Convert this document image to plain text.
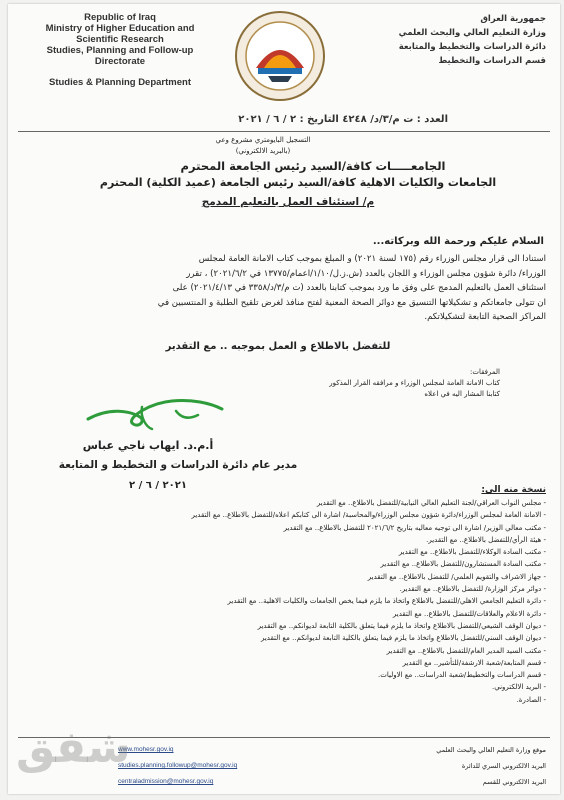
Republic of Iraq
Ministry of Higher Education and
Scientific Research
Studies, Planning and Follow-up
Directorate
Studies & Planning Department
جمهورية العراق
وزارة التعليم العالي والبحث العلمي
دائرة الدراسات والتخطيط والمتابعة
قسم الدراسات والتخطيط
العدد : ت م/٣/د/ ٤٢٤٨ التاريخ : ٢ / ٦ / ٢٠٢١
التسجيل البايومتري مشروع وعي
(بالبريد الالكتروني)
الجامعـــــات كافة/السيد رئيس الجامعة المحترم
الجامعات والكليات الاهلية كافة/السيد رئيس الجامعة (عميد الكلية) المحترم
م/ استئناف العمل بالتعليم المدمج
السلام عليكم ورحمة الله وبركاته...
استنادا الى قرار مجلس الوزراء رقم (١٧٥ لسنة ٢٠٢١) و المبلغ بموجب كتاب الامانة العامة لمجلس
الوزراء/ دائرة شؤون مجلس الوزراء و اللجان بالعدد (ش.ز.ل/١/١٠/اعمام/١٣٧٧٥ في ٢٠٢١/٦/٢) ، تقرر
استئناف العمل بالتعليم المدمج على وفق ما ورد بموجب كتابنا بالعدد (ت م/٣/د/٣٣٥٨ في ٢٠٢١/٤/١٣) على
ان تتولى جامعاتكم و تشكيلاتها التنسيق مع دوائر الصحة المعنية لفتح منافذ لغرض تلقيح الطلبة و المنتسبين في
المراكز الصحية التابعة لتشكيلاتكم.
للتفضل بالاطلاع و العمل بموجبه .. مع التقدير
المرفقات:
كتاب الامانة العامة لمجلس الوزراء و مرافقه القرار المذكور
كتابنا المشار اليه في اعلاه
أ.م.د. ايهاب ناجي عباس
مدير عام دائرة الدراسات و التخطيط و المتابعة
٢٠٢١ / ٦ / ٢	نسخة منه الى:
- مجلس النواب العراقي/لجنة التعليم العالي النيابية/للتفضل بالاطلاع.. مع التقدير
- الامانة العامة لمجلس الوزراء/دائرة شؤون مجلس الوزراء/والمحاسبة/ اشارة الى كتابكم اعلاه/للتفضل بالاطلاع.. مع التقدير
- مكتب معالي الوزير/ اشارة الى توجيه معاليه بتاريخ ٢٠٢١/٦/٢ للتفضل بالاطلاع.. مع التقدير
- هيئة الرأي/للتفضل بالاطلاع.. مع التقدير.
- مكتب السادة الوكلاء/للتفضل بالاطلاع.. مع التقدير
- مكتب السادة المستشارون/للتفضل بالاطلاع.. مع التقدير
- جهاز الاشراف والتقويم العلمي/ للتفضل بالاطلاع.. مع التقدير
- دوائر مركز الوزارة/ للتفضل بالاطلاع.. مع التقدير.
- دائرة التعليم الجامعي الاهلي/للتفضل بالاطلاع واتخاذ ما يلزم فيما يخص الجامعات والكليات الاهلية.. مع التقدير
- دائرة الاعلام والعلاقات/للتفضل بالاطلاع.. مع التقدير
- ديوان الوقف الشيعي/للتفضل بالاطلاع واتخاذ ما يلزم فيما يتعلق بالكلية التابعة لديوانكم.. مع التقدير
- ديوان الوقف السني/للتفضل بالاطلاع واتخاذ ما يلزم فيما يتعلق بالكلية التابعة لديوانكم.. مع التقدير
- مكتب السيد المدير العام/للتفضل بالاطلاع.. مع التقدير
- قسم المتابعة/شعبة الارشفة/للتأشير.. مع التقدير
- قسم الدراسات والتخطيط/شعبة الدراسات.. مع الاوليات.
- البريد الالكتروني.
- الصادرة.
موقع وزارة التعليم العالي والبحث العلمي
البريد الالكتروني السري للدائرة
البريد الالكتروني للقسم
www.mohesr.gov.iq
studies.planning.followup@mohesr.gov.iq
centraladmission@mohesr.gov.iq
شفق
